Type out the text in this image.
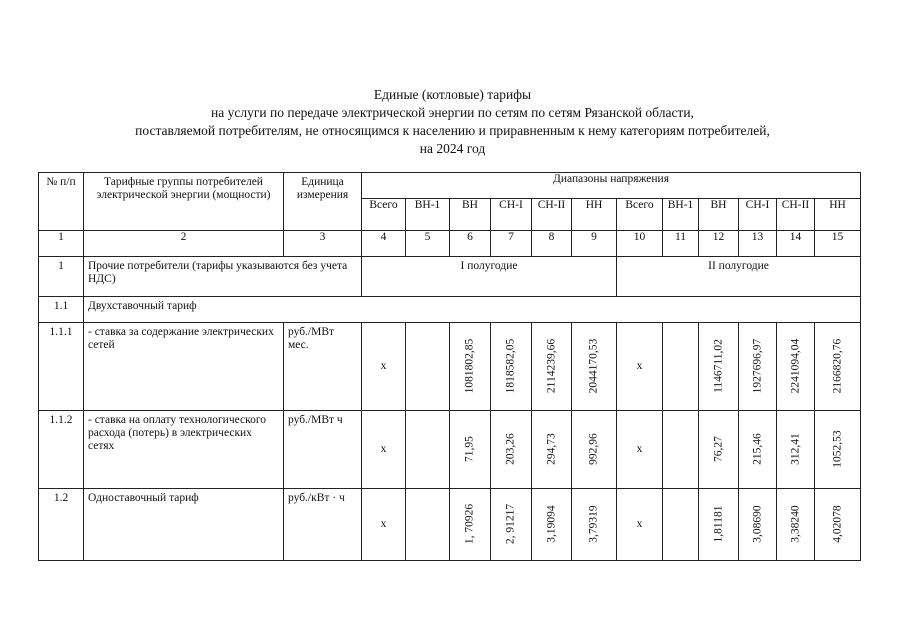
Единые (котловые) тарифы
на услуги по передаче электрической энергии по сетям по сетям Рязанской области,
поставляемой потребителям, не относящимся к населению и приравненным к нему категориям потребителей,
на 2024 год
№ п/п	Тарифные группы потребителей электрической энергии (мощности)	Единица измерения	Диапазоны напряжения											
			Всего	ВН-1	ВН	СН-I	СН-II	НН	Всего	ВН-1	ВН	СН-I	СН-II	НН
1	2	3	4	5	6	7	8	9	10	11	12	13	14	15
1	Прочие потребители (тарифы указываются без учета НДС)		I полугодие						II полугодие					
1.1	Двухставочный тариф													
1.1.1	- ставка за содержание электрических сетей	руб./МВт мес.	х		1081802,85	1818582,05	2114239,66	2044170,53	х		1146711,02	1927696,97	2241094,04	2166820,76

1.1.2	- ставка на оплату технологического расхода (потерь) в электрических сетях	руб./МВт ч	х		71,95	203,26	294,73	992,96	х		76,27	215,46	312,41	1052,53

1.2	Одноставочный тариф	руб./кВт · ч	х		1, 70926	2, 91217	3,19094	3,79319	х		1,81181	3,08690	3,38240	4,02078
